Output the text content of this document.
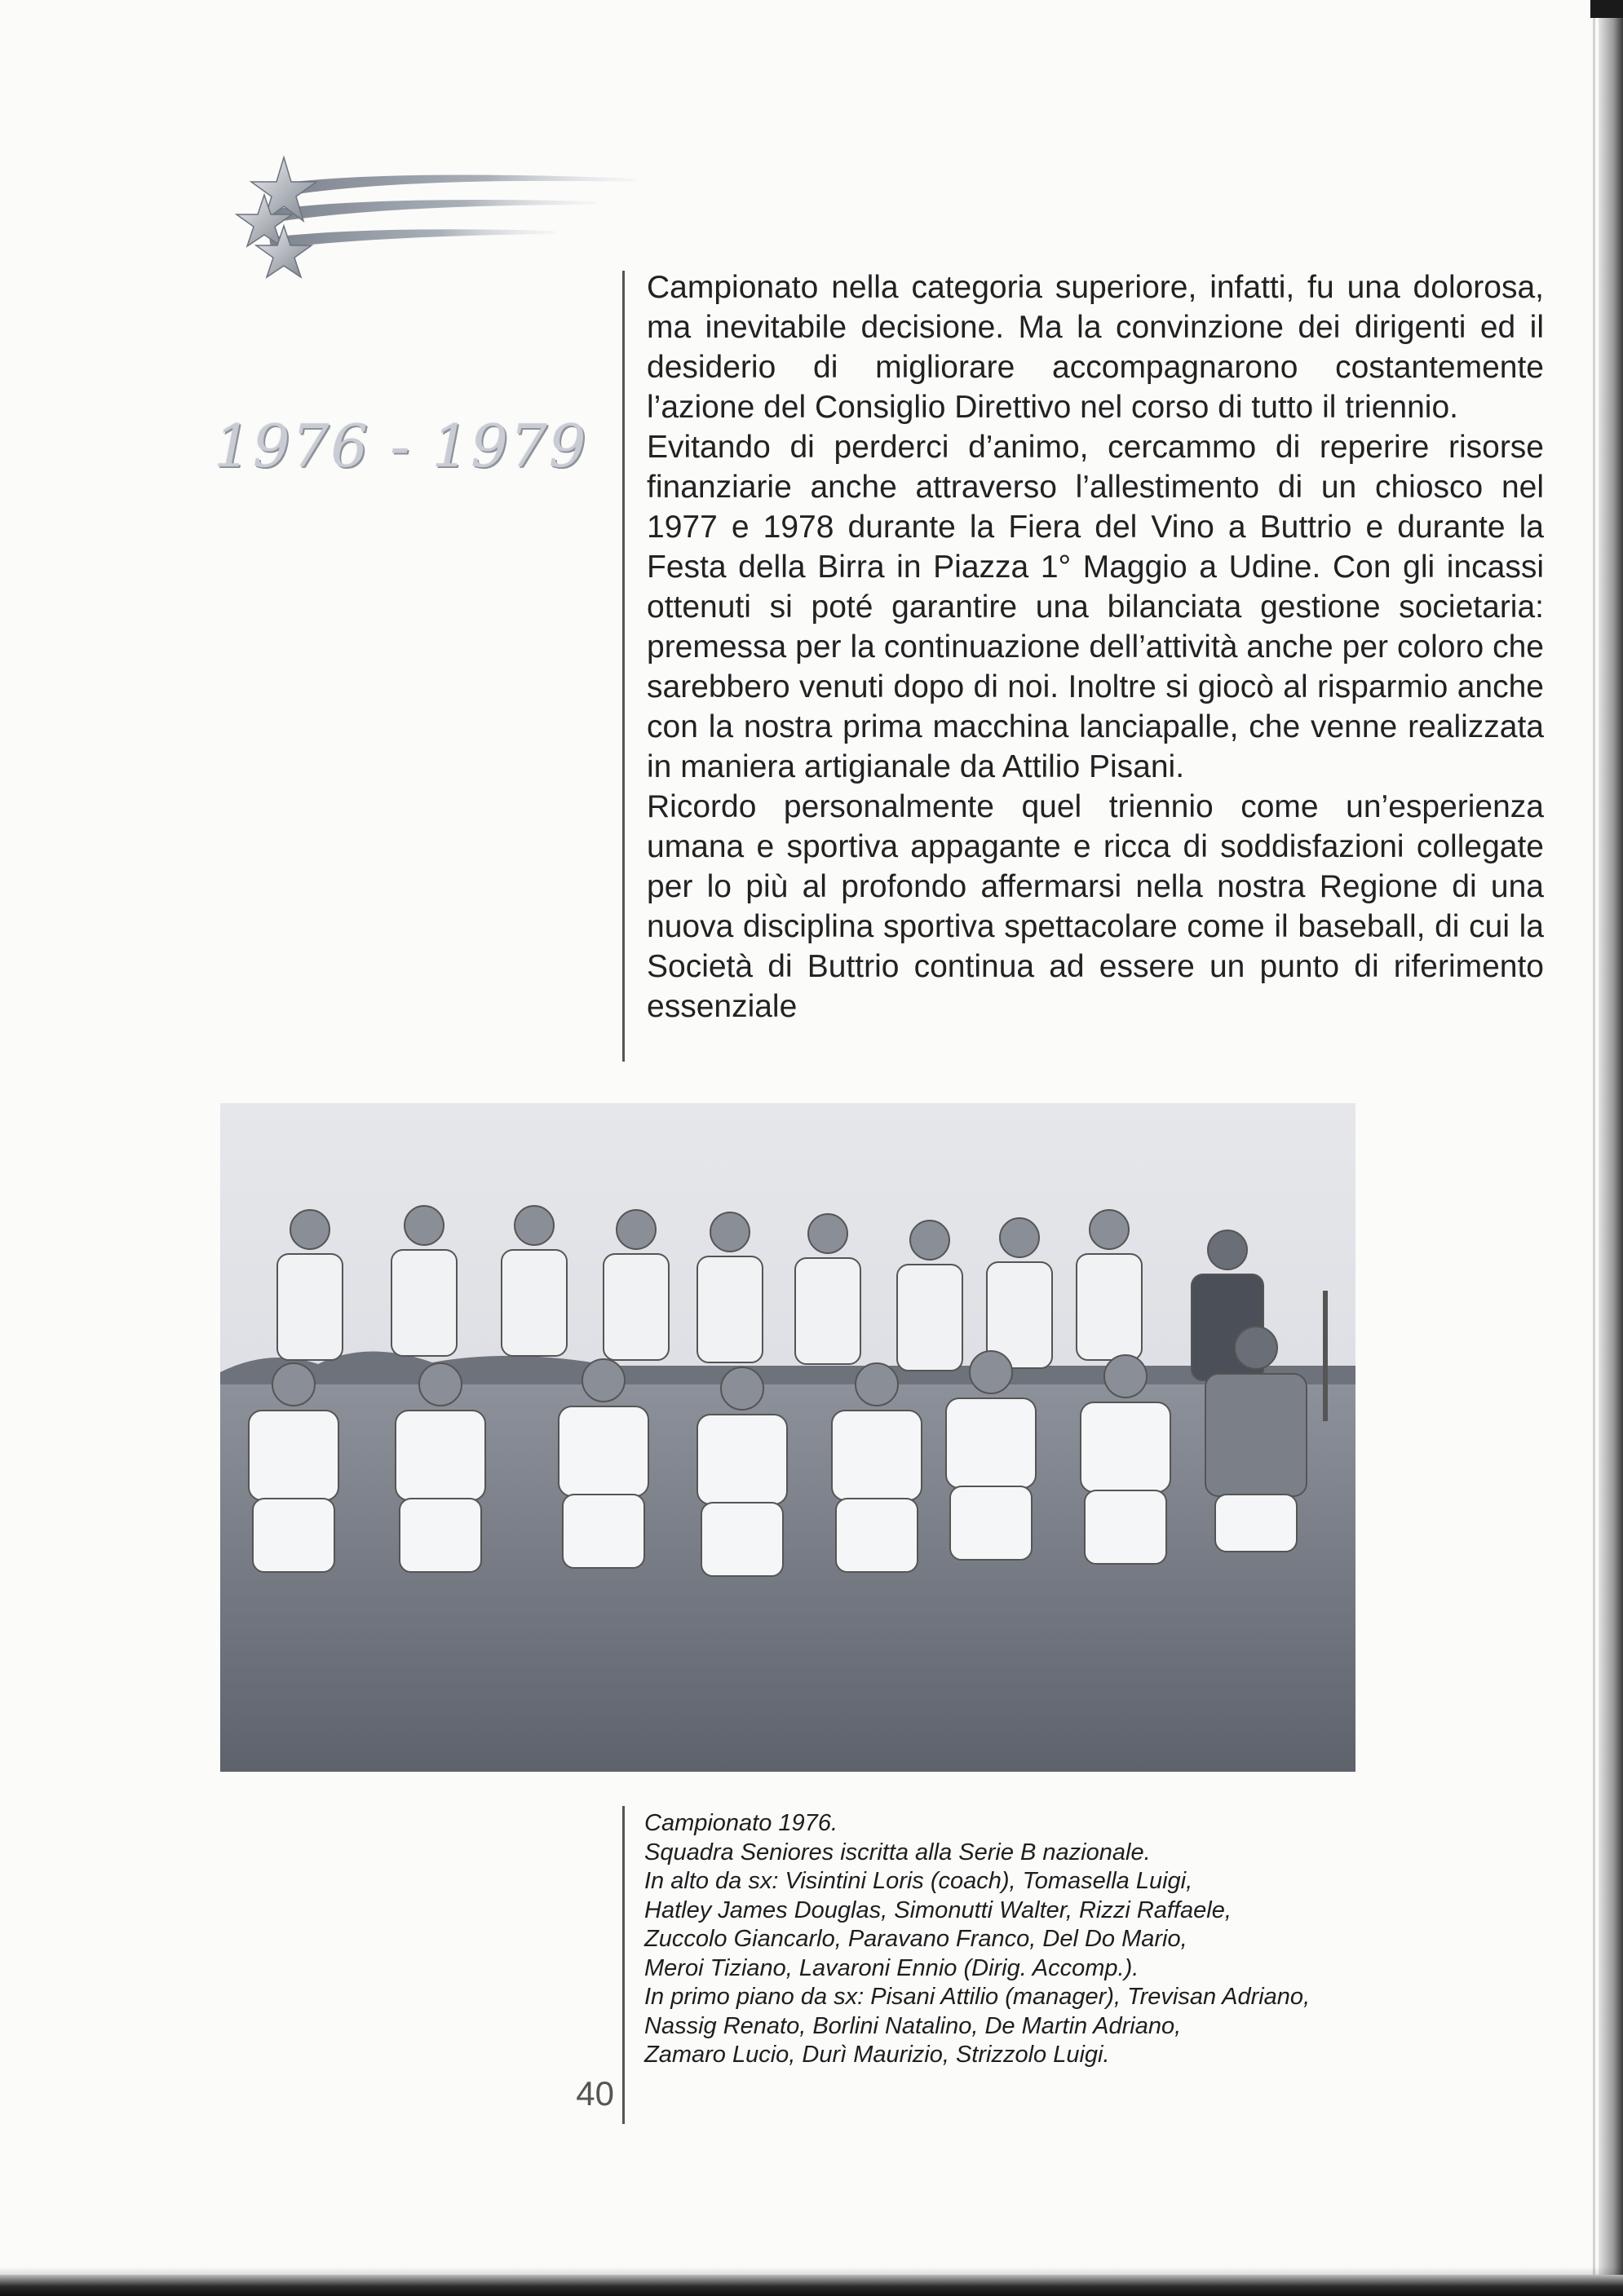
1976 - 1979

Campionato nella categoria superiore, infatti, fu una dolorosa, ma inevitabile decisione. Ma la convinzione dei dirigenti ed il desiderio di migliorare accompagnarono costantemente l’azione del Consiglio Direttivo nel corso di tutto il triennio.

Evitando di perderci d’animo, cercammo di reperire risorse finanziarie anche attraverso l’allestimento di un chiosco nel 1977 e 1978 durante la Fiera del Vino a Buttrio e durante la Festa della Birra in Piazza 1° Maggio a Udine. Con gli incassi ottenuti si poté garantire una bilanciata gestione societaria: premessa per la continuazione dell’attività anche per coloro che sarebbero venuti dopo di noi. Inoltre si giocò al risparmio anche con la nostra prima macchina lanciapalle, che venne realizzata in maniera artigianale da Attilio Pisani.

Ricordo personalmente quel triennio come un’esperienza umana e sportiva appagante e ricca di soddisfazioni collegate per lo più al profondo affermarsi nella nostra Regione di una nuova disciplina sportiva spettacolare come il baseball, di cui la Società di Buttrio continua ad essere un punto di riferimento essenziale

Campionato 1976.
Squadra Seniores iscritta alla Serie B nazionale.
In alto da sx: Visintini Loris (coach), Tomasella Luigi,
Hatley James Douglas, Simonutti Walter, Rizzi Raffaele,
Zuccolo Giancarlo, Paravano Franco, Del Do Mario,
Meroi Tiziano, Lavaroni Ennio (Dirig. Accomp.).
In primo piano da sx: Pisani Attilio (manager), Trevisan Adriano,
Nassig Renato, Borlini Natalino, De Martin Adriano,
Zamaro Lucio, Durì Maurizio, Strizzolo Luigi.
40
